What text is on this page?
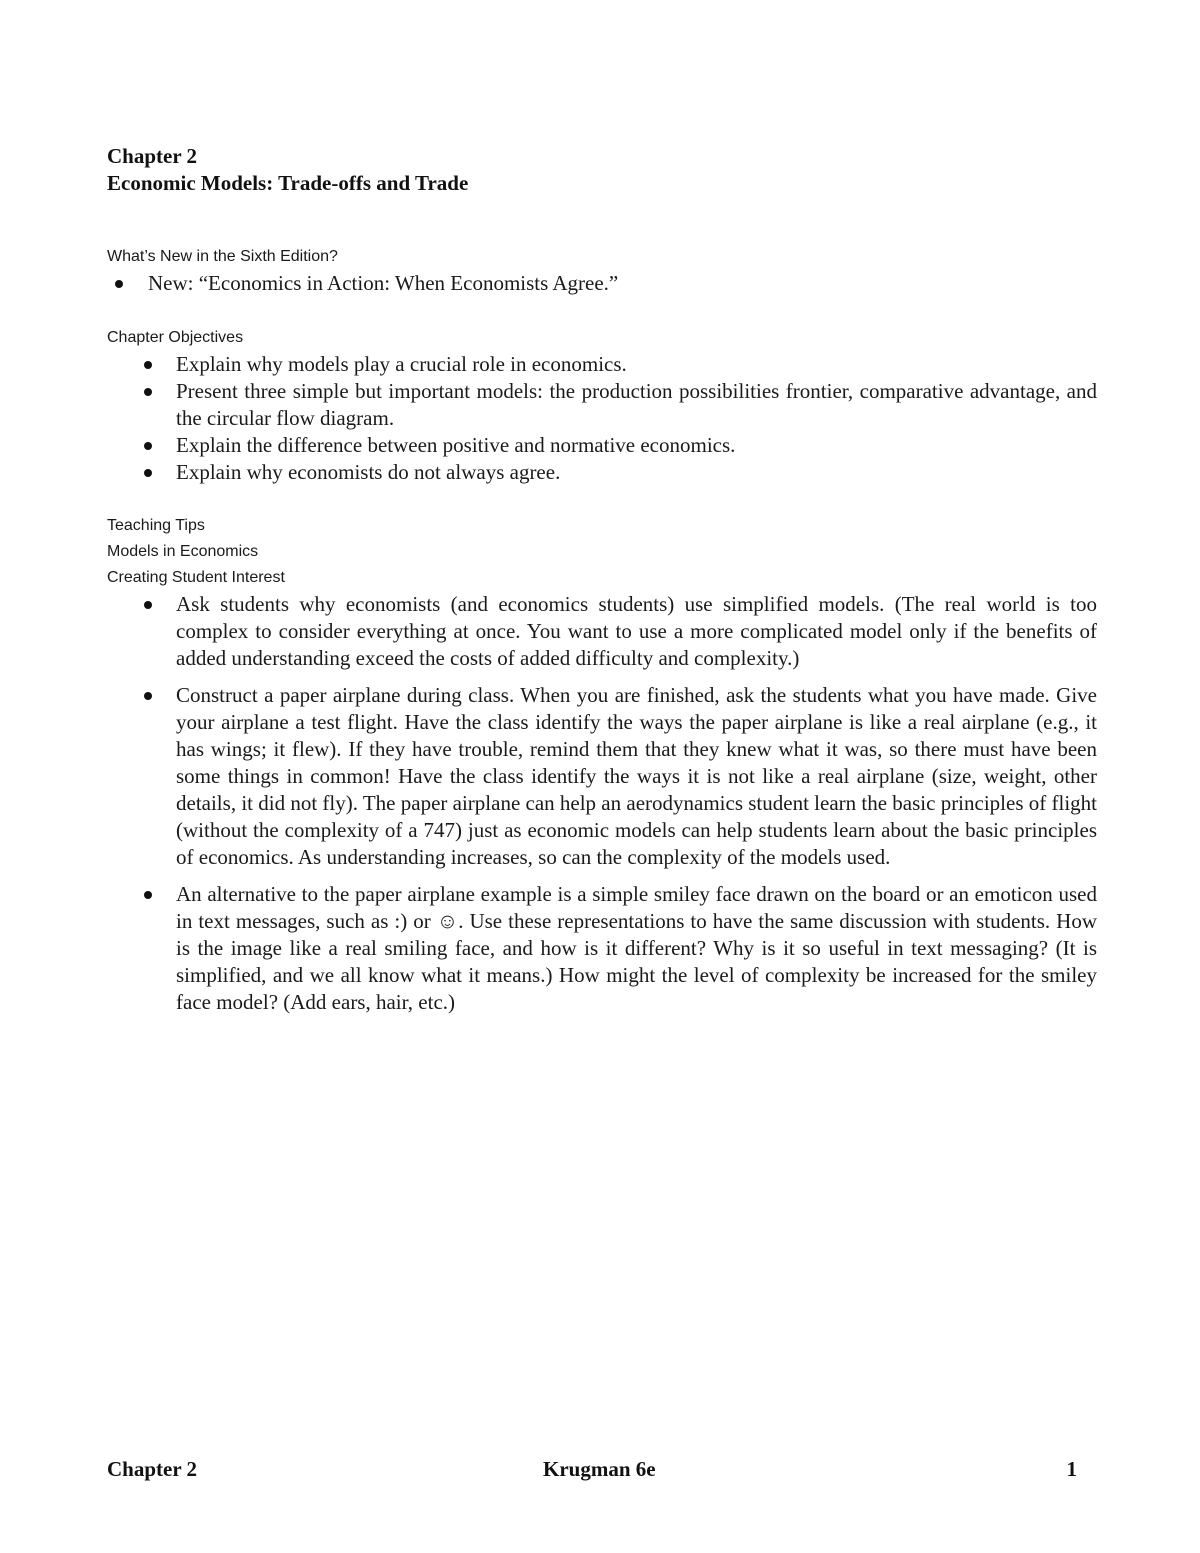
Chapter 2

Economic Models: Trade-offs and Trade

What’s New in the Sixth Edition?

New: “Economics in Action: When Economists Agree.”

Chapter Objectives

Explain why models play a crucial role in economics.
Present three simple but important models: the production possibilities frontier, comparative advantage, and the circular flow diagram.
Explain the difference between positive and normative economics.
Explain why economists do not always agree.

Teaching Tips

Models in Economics

Creating Student Interest

Ask students why economists (and economics students) use simplified models. (The real world is too complex to consider everything at once. You want to use a more complicated model only if the benefits of added understanding exceed the costs of added difficulty and complexity.)
Construct a paper airplane during class. When you are finished, ask the students what you have made. Give your airplane a test flight. Have the class identify the ways the paper airplane is like a real airplane (e.g., it has wings; it flew). If they have trouble, remind them that they knew what it was, so there must have been some things in common! Have the class identify the ways it is not like a real airplane (size, weight, other details, it did not fly). The paper airplane can help an aerodynamics student learn the basic principles of flight (without the complexity of a 747) just as economic models can help students learn about the basic principles of economics. As understanding increases, so can the complexity of the models used.
An alternative to the paper airplane example is a simple smiley face drawn on the board or an emoticon used in text messages, such as :) or ☺. Use these representations to have the same discussion with students. How is the image like a real smiling face, and how is it different? Why is it so useful in text messaging? (It is simplified, and we all know what it means.) How might the level of complexity be increased for the smiley face model? (Add ears, hair, etc.)
Chapter 2	Krugman 6e	1
